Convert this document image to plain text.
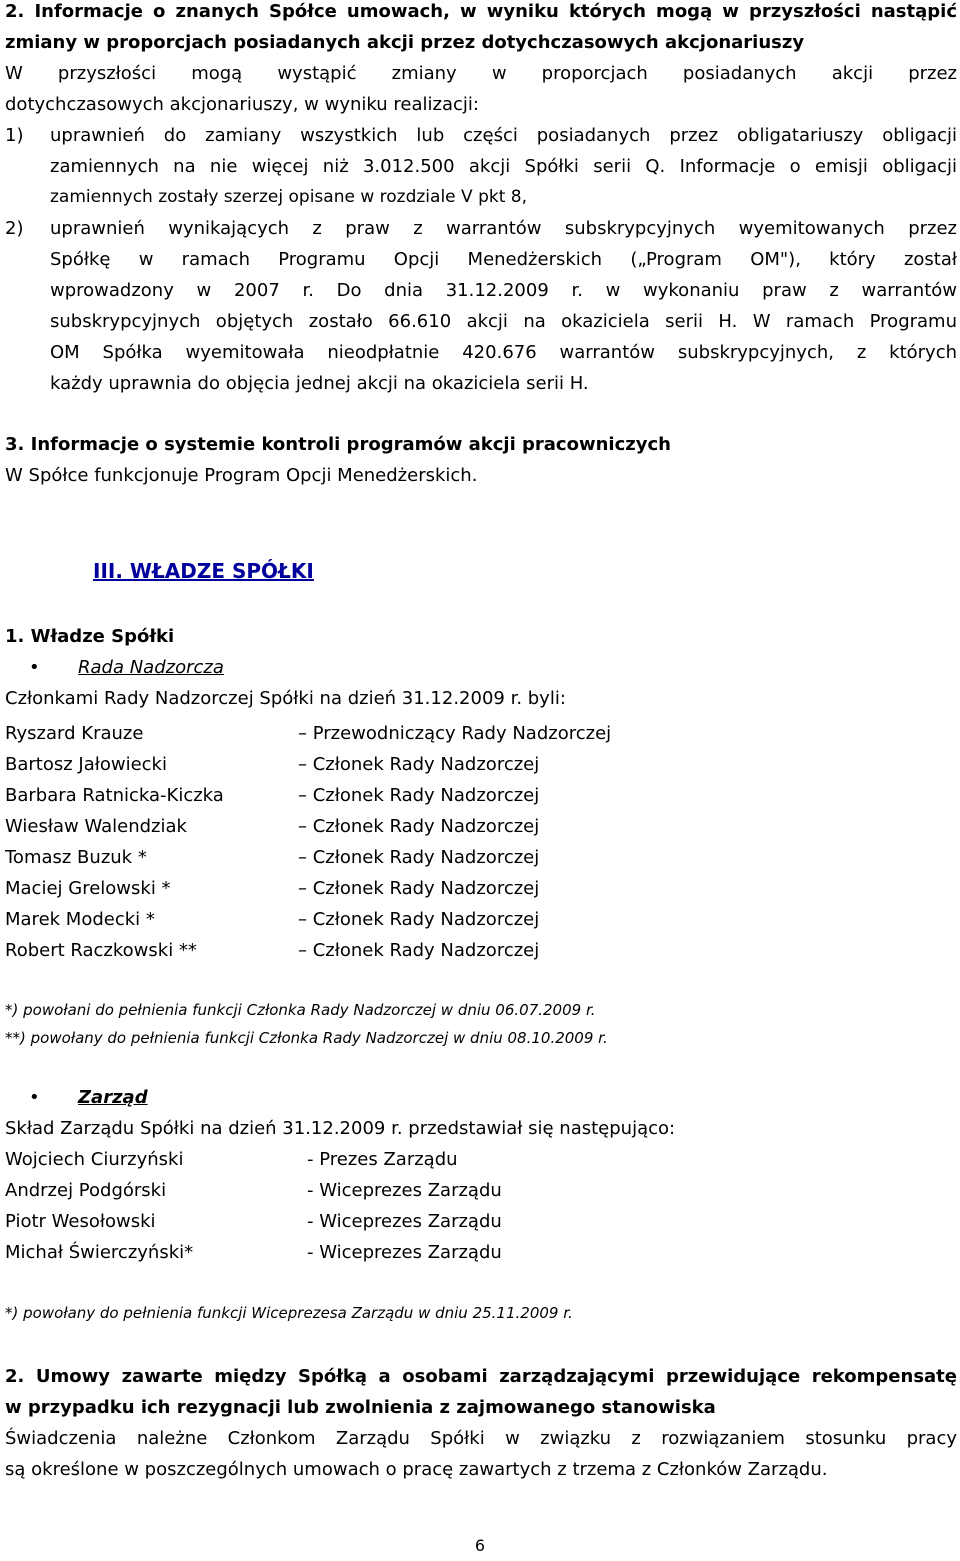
2. Informacje o znanych Spółce umowach, w wyniku których mogą w przyszłości nastąpić
zmiany w proporcjach posiadanych akcji przez dotychczasowych akcjonariuszy
W przyszłości mogą wystąpić zmiany w proporcjach posiadanych akcji przez
dotychczasowych akcjonariuszy, w wyniku realizacji:
1) uprawnień do zamiany wszystkich lub części posiadanych przez obligatariuszy obligacji
zamiennych na nie więcej niż 3.012.500 akcji Spółki serii Q. Informacje o emisji obligacji
zamiennych zostały szerzej opisane w rozdziale V pkt 8,
2) uprawnień wynikających z praw z warrantów subskrypcyjnych wyemitowanych przez
Spółkę w ramach Programu Opcji Menedżerskich („Program OM"), który został
wprowadzony w 2007 r. Do dnia 31.12.2009 r. w wykonaniu praw z warrantów
subskrypcyjnych objętych zostało 66.610 akcji na okaziciela serii H. W ramach Programu
OM Spółka wyemitowała nieodpłatnie 420.676 warrantów subskrypcyjnych, z których
każdy uprawnia do objęcia jednej akcji na okaziciela serii H.
3. Informacje o systemie kontroli programów akcji pracowniczych
W Spółce funkcjonuje Program Opcji Menedżerskich.
III. WŁADZE SPÓŁKI
1. Władze Spółki
• Rada Nadzorcza
Członkami Rady Nadzorczej Spółki na dzień 31.12.2009 r. byli:
Ryszard Krauze	– Przewodniczący Rady Nadzorczej
Bartosz Jałowiecki	– Członek Rady Nadzorczej
Barbara Ratnicka-Kiczka	– Członek Rady Nadzorczej
Wiesław Walendziak	– Członek Rady Nadzorczej
Tomasz Buzuk *	– Członek Rady Nadzorczej
Maciej Grelowski *	– Członek Rady Nadzorczej
Marek Modecki *	– Członek Rady Nadzorczej
Robert Raczkowski **	– Członek Rady Nadzorczej
*) powołani do pełnienia funkcji Członka Rady Nadzorczej w dniu 06.07.2009 r.
**) powołany do pełnienia funkcji Członka Rady Nadzorczej w dniu 08.10.2009 r.
• Zarząd
Skład Zarządu Spółki na dzień 31.12.2009 r. przedstawiał się następująco:
Wojciech Ciurzyński	- Prezes Zarządu
Andrzej Podgórski	- Wiceprezes Zarządu
Piotr Wesołowski	- Wiceprezes Zarządu
Michał Świerczyński*	- Wiceprezes Zarządu
*) powołany do pełnienia funkcji Wiceprezesa Zarządu w dniu 25.11.2009 r.
2. Umowy zawarte między Spółką a osobami zarządzającymi przewidujące rekompensatę
w przypadku ich rezygnacji lub zwolnienia z zajmowanego stanowiska
Świadczenia należne Członkom Zarządu Spółki w związku z rozwiązaniem stosunku pracy
są określone w poszczególnych umowach o pracę zawartych z trzema z Członków Zarządu.
6
